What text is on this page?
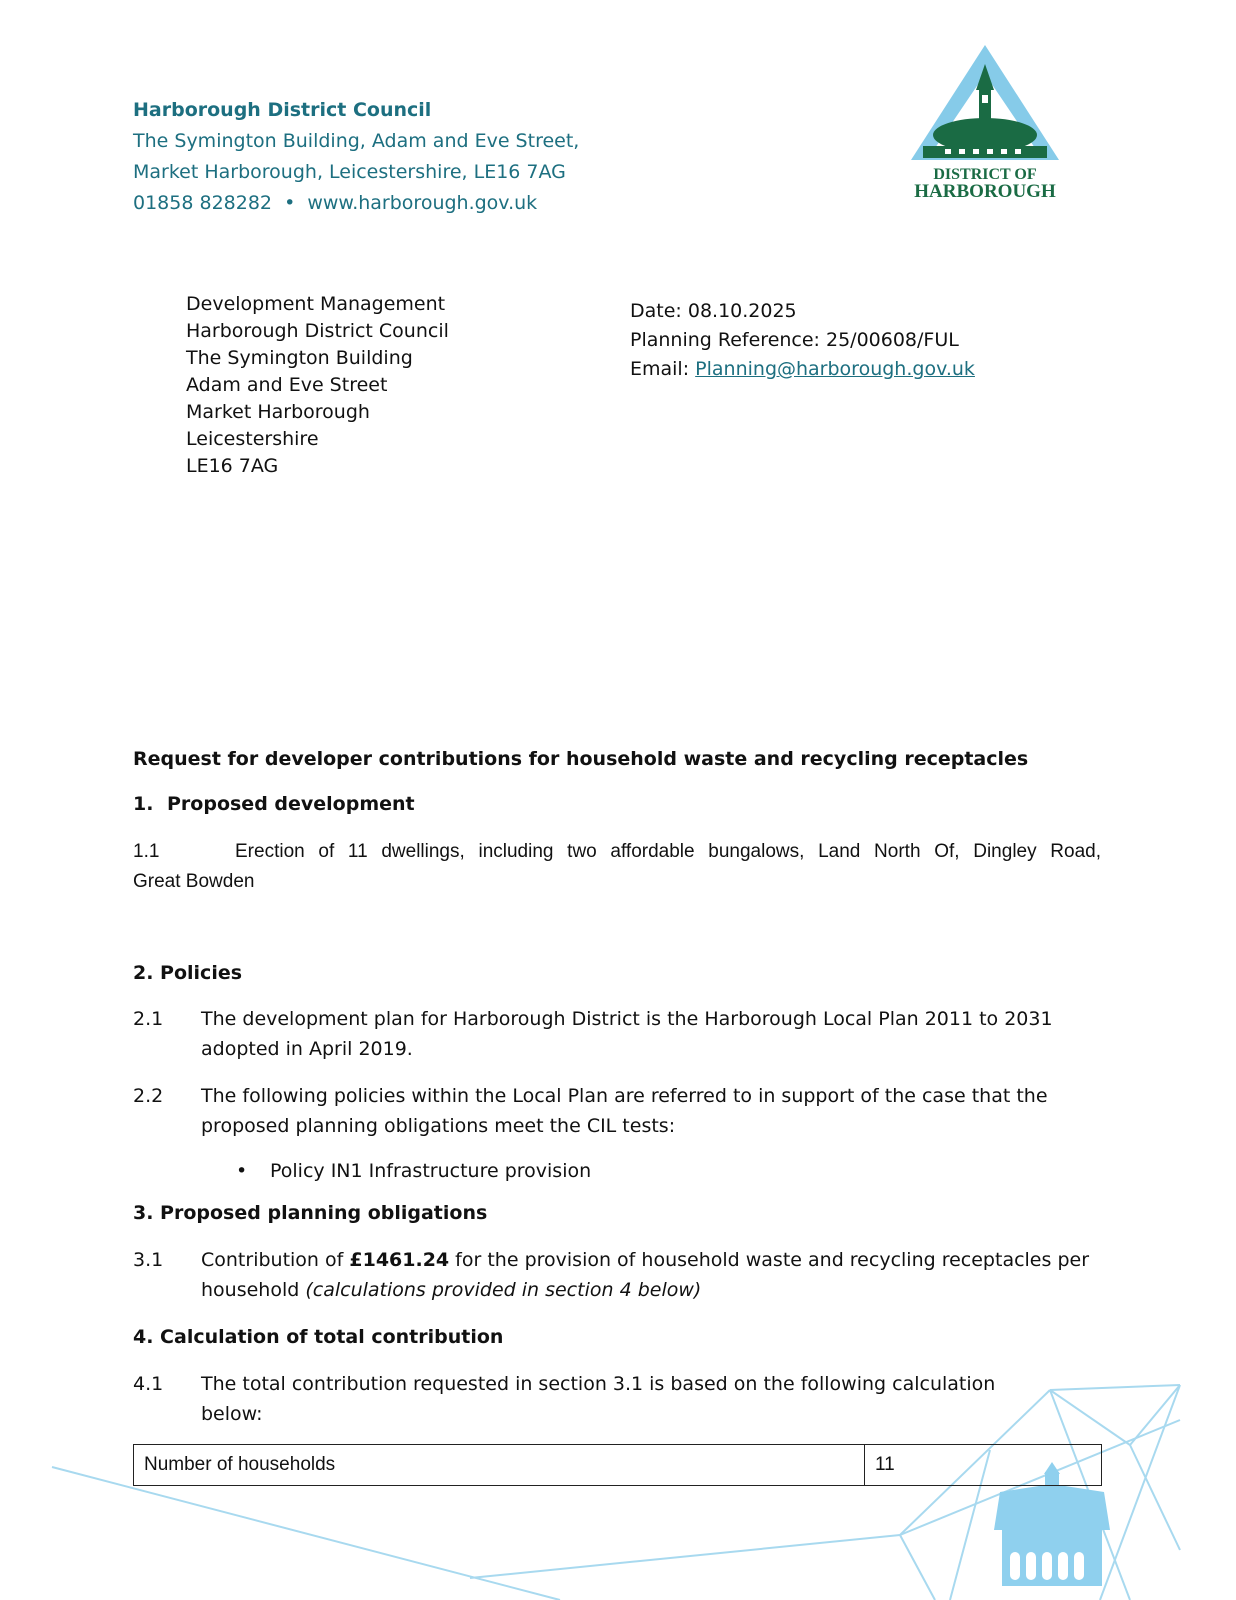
Harborough District Council
The Symington Building, Adam and Eve Street,
Market Harborough, Leicestershire, LE16 7AG
01858 828282 • www.harborough.gov.uk
DISTRICT OF
HARBOROUGH
Development Management
Harborough District Council
The Symington Building
Adam and Eve Street
Market Harborough
Leicestershire
LE16 7AG
Date: 08.10.2025
Planning Reference: 25/00608/FUL
Email: Planning@harborough.gov.uk
Request for developer contributions for household waste and recycling receptacles
1. Proposed development
1.1	Erection of 11 dwellings, including two affordable bungalows, Land North Of, Dingley Road,
Great Bowden
2. Policies
2.1 The development plan for Harborough District is the Harborough Local Plan 2011 to 2031
adopted in April 2019.
2.2 The following policies within the Local Plan are referred to in support of the case that the
proposed planning obligations meet the CIL tests:
• Policy IN1 Infrastructure provision
3. Proposed planning obligations
3.1 Contribution of £1461.24 for the provision of household waste and recycling receptacles per
household (calculations provided in section 4 below)
4. Calculation of total contribution
4.1 The total contribution requested in section 3.1 is based on the following calculation
below:
Number of households	11
